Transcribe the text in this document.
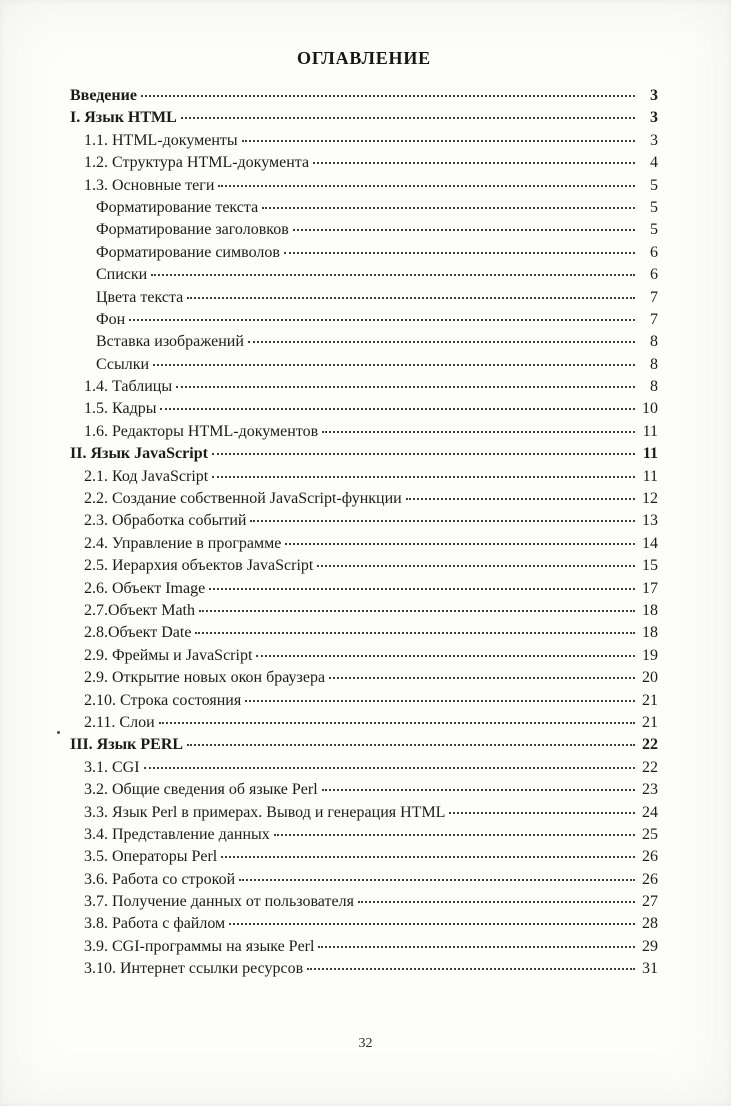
ОГЛАВЛЕНИЕ
Введение	3
I. Язык HTML	3
1.1. HTML-документы	3
1.2. Структура HTML-документа	4
1.3. Основные теги	5
Форматирование текста	5
Форматирование заголовков	5
Форматирование символов	6
Списки	6
Цвета текста	7
Фон	7
Вставка изображений	8
Ссылки	8
1.4. Таблицы	8
1.5. Кадры	10
1.6. Редакторы HTML-документов	11
II. Язык JavaScript	11
2.1. Код JavaScript	11
2.2. Создание собственной JavaScript-функции	12
2.3. Обработка событий	13
2.4. Управление в программе	14
2.5. Иерархия объектов JavaScript	15
2.6. Объект Image	17
2.7.Объект Math	18
2.8.Объект Date	18
2.9. Фреймы и JavaScript	19
2.9. Открытие новых окон браузера	20
2.10. Строка состояния	21
2.11. Слои	21
III. Язык PERL	22
3.1. CGI	22
3.2. Общие сведения об языке Perl	23
3.3. Язык Perl в примерах. Вывод и генерация HTML	24
3.4. Представление данных	25
3.5. Операторы Perl	26
3.6. Работа со строкой	26
3.7. Получение данных от пользователя	27
3.8. Работа с файлом	28
3.9. CGI-программы на языке Perl	29
3.10. Интернет ссылки ресурсов	31
32
